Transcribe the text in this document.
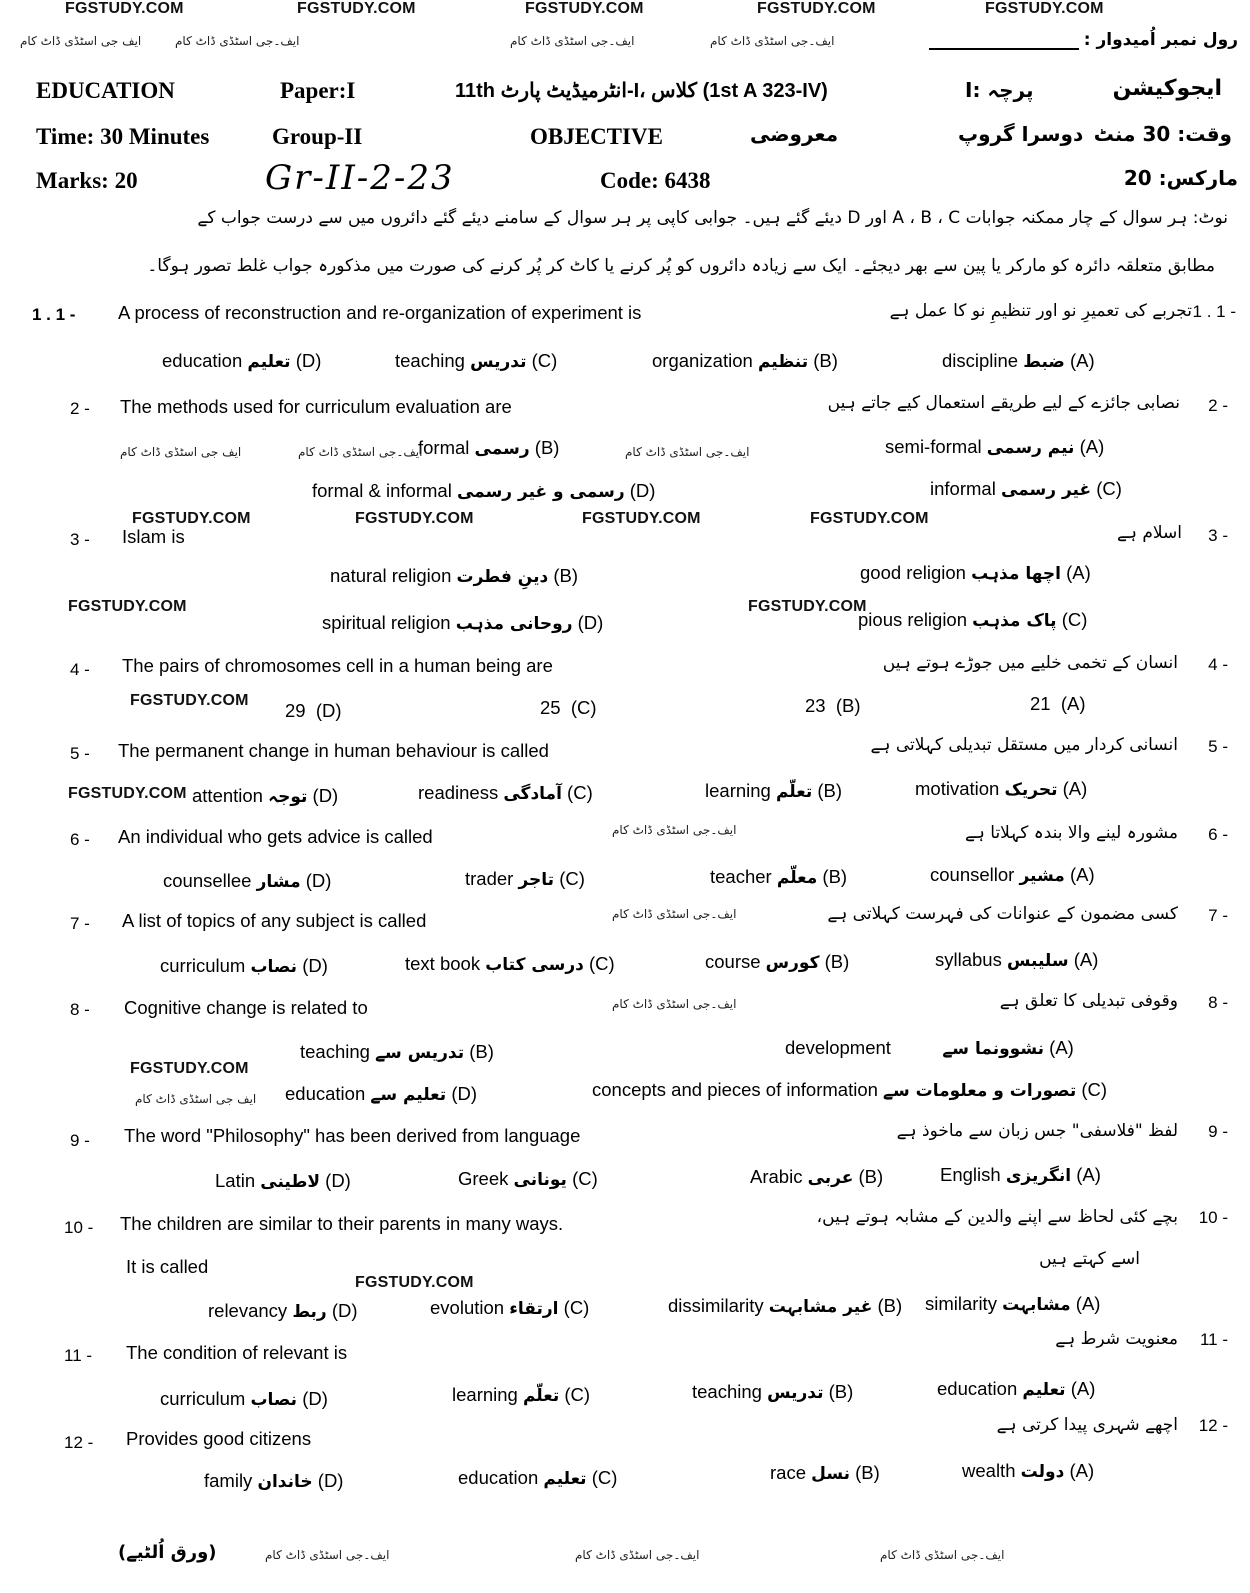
FGSTUDY.COM	FGSTUDY.COM	FGSTUDY.COM	FGSTUDY.COM	FGSTUDY.COM
رول نمبر اُمیدوار :
ایف جی اسٹڈی ڈاٹ کام	ایف۔جی اسٹڈی ڈاٹ کام	ایف۔جی اسٹڈی ڈاٹ کام	ایف۔جی اسٹڈی ڈاٹ کام
EDUCATION	Paper:I	11th انٹرمیڈیٹ پارٹ-I، کلاس (1st A 323-IV)	پرچہ :I	ایجوکیشن
Time: 30 Minutes	Group-II	OBJECTIVE	معروضی	دوسرا گروپ وقت: 30 منٹ
Marks: 20	Gr-II-2-23	Code: 6438	مارکس: 20
نوٹ: ہر سوال کے چار ممکنہ جوابات A ، B ، C اور D دیئے گئے ہیں۔ جوابی کاپی پر ہر سوال کے سامنے دیئے گئے دائروں میں سے درست جواب کے
مطابق متعلقہ دائرہ کو مارکر یا پین سے بھر دیجئے۔ ایک سے زیادہ دائروں کو پُر کرنے یا کاٹ کر پُر کرنے کی صورت میں مذکورہ جواب غلط تصور ہوگا۔
1 . 1 - A process of reconstruction and re-organization of experiment is	تجربے کی تعمیرِ نو اور تنظیمِ نو کا عمل ہے 1 . 1 -
education تعلیم (D)	teaching تدریس (C)	organization تنظیم (B)	discipline ضبط (A)
2 - The methods used for curriculum evaluation are	نصابی جائزے کے لیے طریقے استعمال کیے جاتے ہیں 2 -
formal رسمی (B)	semi-formal نیم رسمی (A)
formal & informal رسمی و غیر رسمی (D)	informal غیر رسمی (C)
ایف جی اسٹڈی ڈاٹ کام	ایف۔جی اسٹڈی ڈاٹ کام	ایف۔جی اسٹڈی ڈاٹ کام
FGSTUDY.COM	FGSTUDY.COM	FGSTUDY.COM	FGSTUDY.COM
3 - Islam is	اسلام ہے 3 -
natural religion دینِ فطرت (B)	good religion اچھا مذہب (A)
FGSTUDY.COM	FGSTUDY.COM
spiritual religion روحانی مذہب (D)	pious religion پاک مذہب (C)
4 - The pairs of chromosomes cell in a human being are	انسان کے تخمی خلیے میں جوڑے ہوتے ہیں 4 -
FGSTUDY.COM 29 (D)	25 (C)	23 (B)	21 (A)
5 - The permanent change in human behaviour is called	انسانی کردار میں مستقل تبدیلی کہلاتی ہے 5 -
FGSTUDY.COM attention توجہ (D)	readiness آمادگی (C)	learning تعلّم (B)	motivation تحریک (A)
6 - An individual who gets advice is called	ایف۔جی اسٹڈی ڈاٹ کام	مشورہ لینے والا بندہ کہلاتا ہے 6 -
counsellee مشار (D)	trader تاجر (C)	teacher معلّم (B)	counsellor مشیر (A)
7 - A list of topics of any subject is called	ایف۔جی اسٹڈی ڈاٹ کام	کسی مضمون کے عنوانات کی فہرست کہلاتی ہے 7 -
curriculum نصاب (D)	text book درسی کتاب (C)	course کورس (B)	syllabus سلیبس (A)
8 - Cognitive change is related to	ایف۔جی اسٹڈی ڈاٹ کام	وقوفی تبدیلی کا تعلق ہے 8 -
teaching تدریس سے (B)	development	نشوونما سے (A)
FGSTUDY.COM
education تعلیم سے (D)	concepts and pieces of information تصورات و معلومات سے (C)
ایف جی اسٹڈی ڈاٹ کام
9 - The word "Philosophy" has been derived from language	لفظ "فلاسفی" جس زبان سے ماخوذ ہے 9 -
Latin لاطینی (D)	Greek یونانی (C)	Arabic عربی (B)	English انگریزی (A)
10 - The children are similar to their parents in many ways.	بچے کئی لحاظ سے اپنے والدین کے مشابہ ہوتے ہیں، 10 -
It is called	اسے کہتے ہیں
FGSTUDY.COM
relevancy ربط (D)	evolution ارتقاء (C)	dissimilarity غیر مشابہت (B) similarity مشابہت (A)
11 - The condition of relevant is
معنویت شرط ہے 11 -
curriculum نصاب (D)	learning تعلّم (C)	teaching تدریس (B)	education تعلیم (A)
12 - Provides good citizens
اچھے شہری پیدا کرتی ہے 12 -
family خاندان (D)	education تعلیم (C)	race نسل (B)	wealth دولت (A)
(ورق اُلٹیے)	ایف۔جی اسٹڈی ڈاٹ کام	ایف۔جی اسٹڈی ڈاٹ کام	ایف۔جی اسٹڈی ڈاٹ کام
